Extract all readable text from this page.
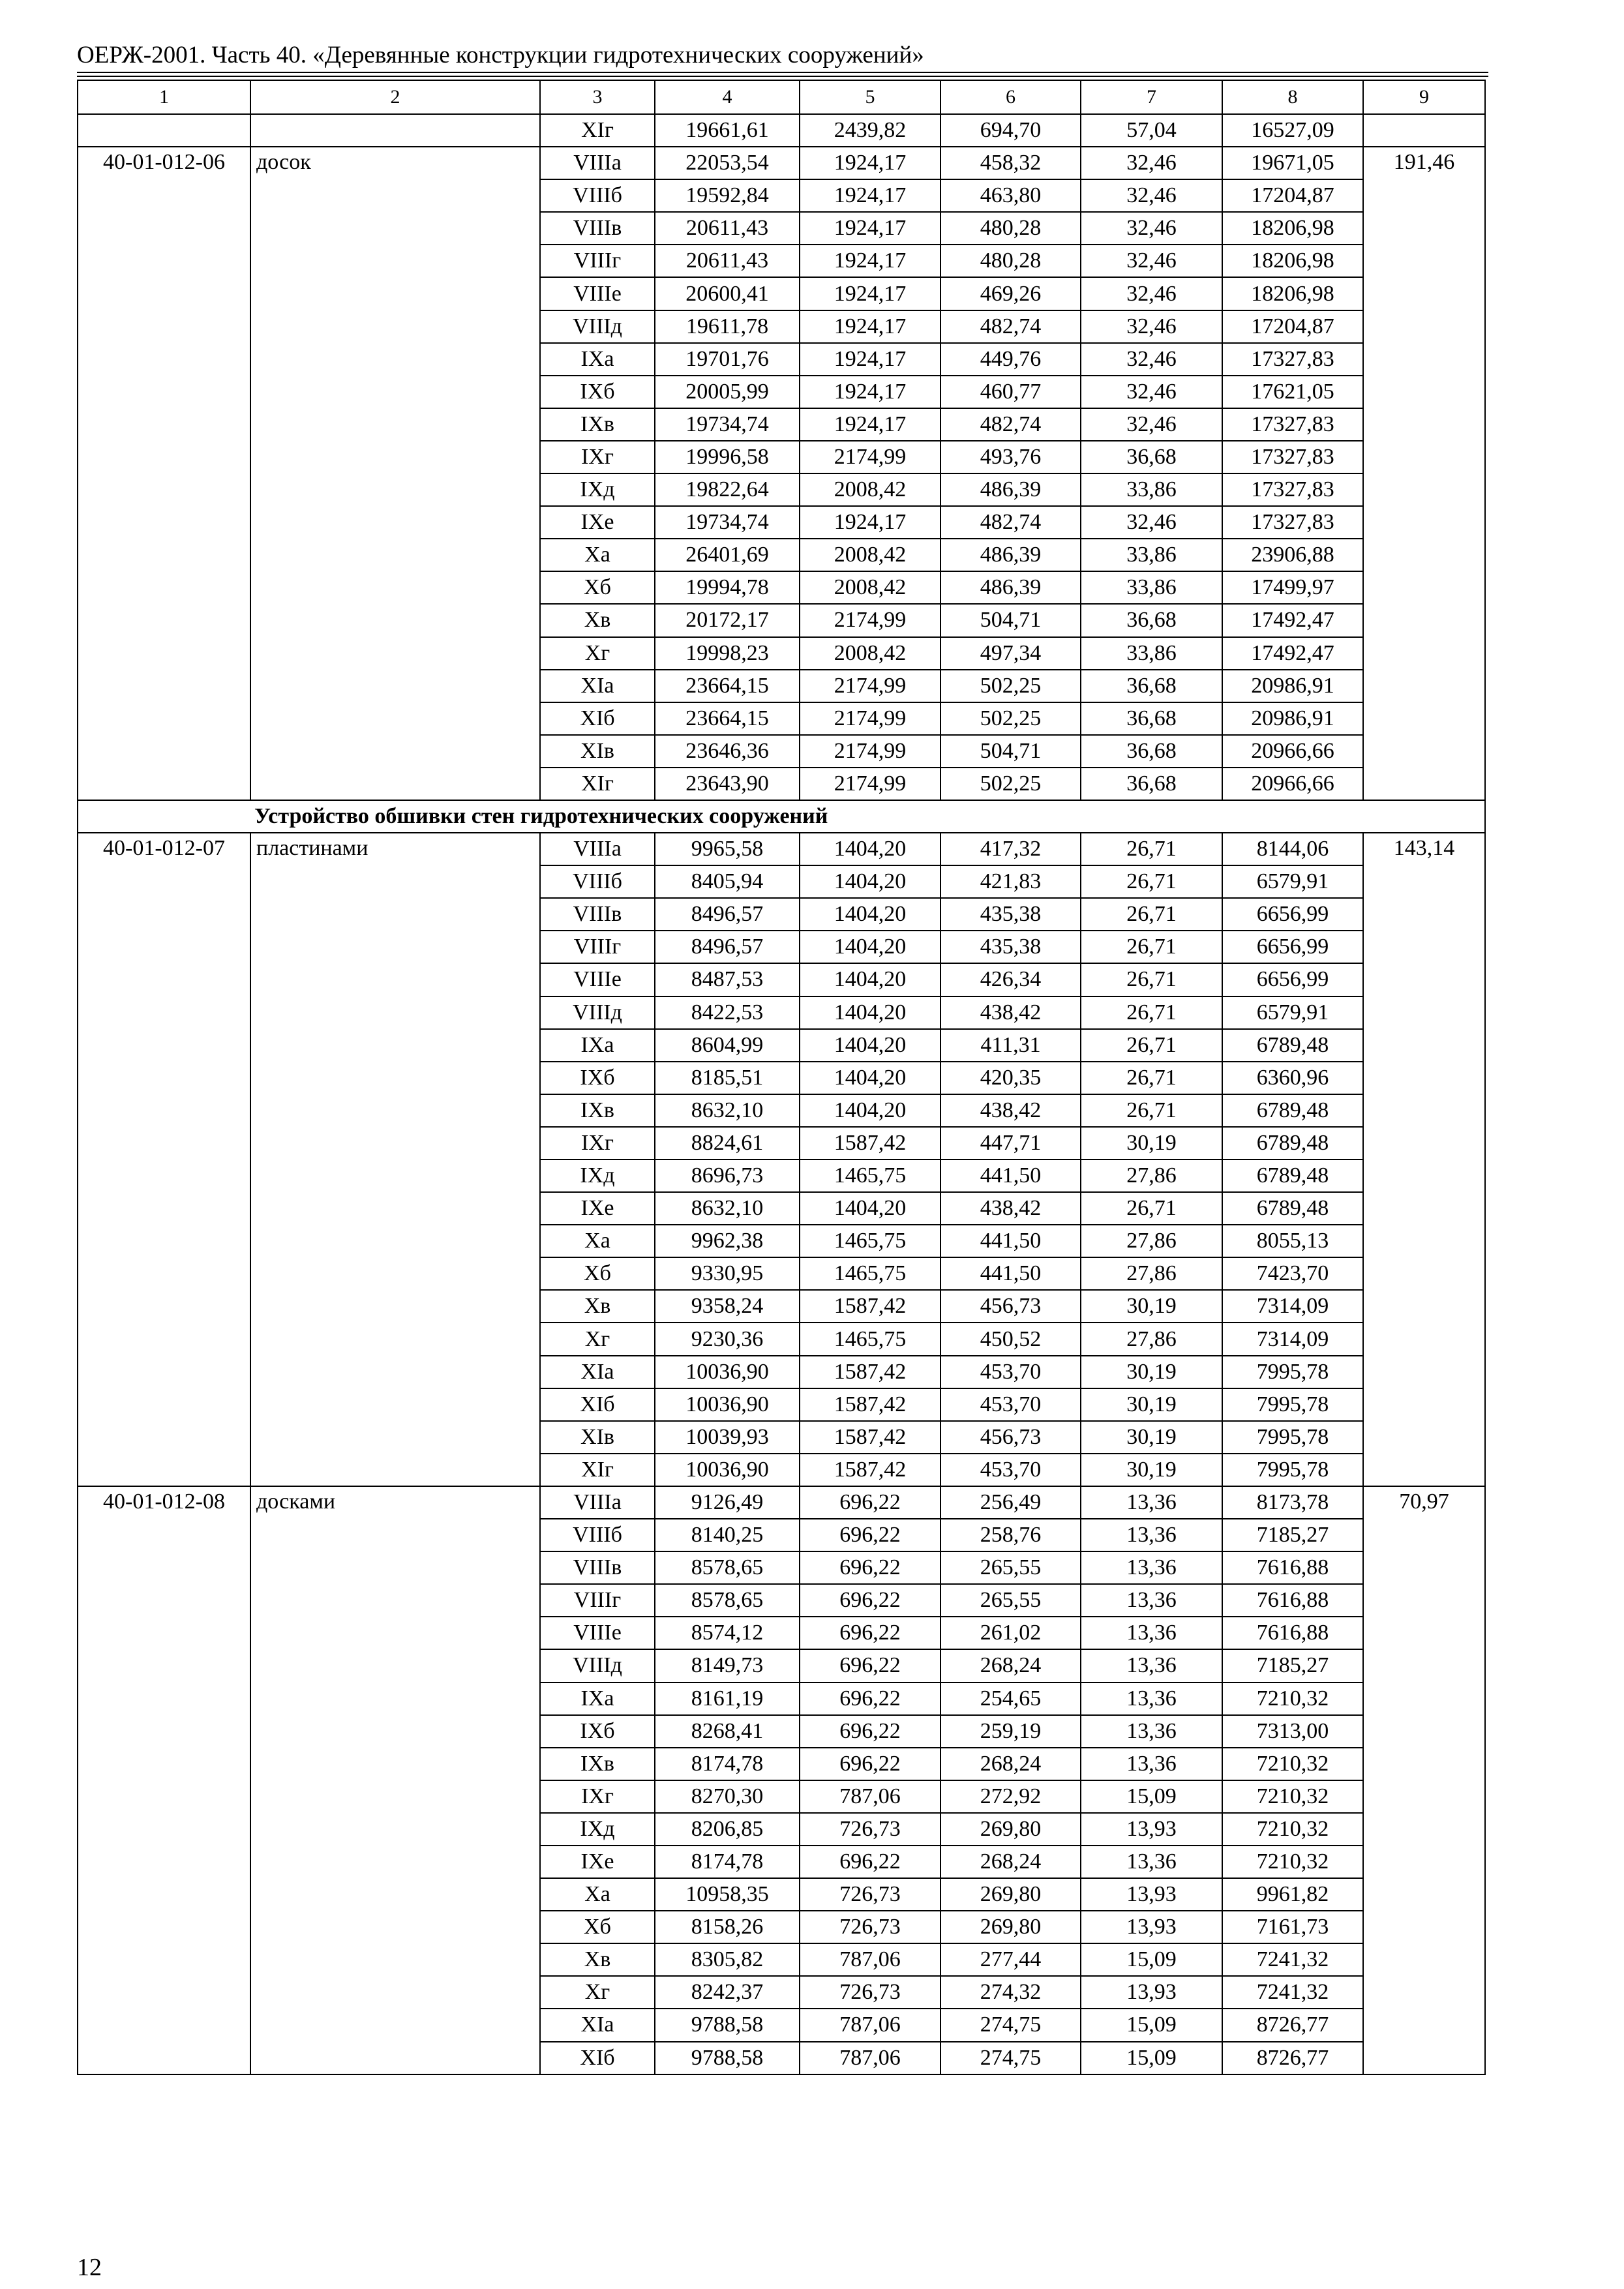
ОЕРЖ-2001. Часть 40. «Деревянные конструкции гидротехнических сооружений»
1	2	3	4	5	6	7	8	9
		XIг	19661,61	2439,82	694,70	57,04	16527,09	
40-01-012-06	досок	VIIIа	22053,54	1924,17	458,32	32,46	19671,05	191,46
		VIIIб	19592,84	1924,17	463,80	32,46	17204,87	
		VIIIв	20611,43	1924,17	480,28	32,46	18206,98	
		VIIIг	20611,43	1924,17	480,28	32,46	18206,98	
		VIIIе	20600,41	1924,17	469,26	32,46	18206,98	
		VIIIд	19611,78	1924,17	482,74	32,46	17204,87	
		IXа	19701,76	1924,17	449,76	32,46	17327,83	
		IXб	20005,99	1924,17	460,77	32,46	17621,05	
		IXв	19734,74	1924,17	482,74	32,46	17327,83	
		IXг	19996,58	2174,99	493,76	36,68	17327,83	
		IXд	19822,64	2008,42	486,39	33,86	17327,83	
		IXе	19734,74	1924,17	482,74	32,46	17327,83	
		Xа	26401,69	2008,42	486,39	33,86	23906,88	
		Xб	19994,78	2008,42	486,39	33,86	17499,97	
		Xв	20172,17	2174,99	504,71	36,68	17492,47	
		Xг	19998,23	2008,42	497,34	33,86	17492,47	
		XIа	23664,15	2174,99	502,25	36,68	20986,91	
		XIб	23664,15	2174,99	502,25	36,68	20986,91	
		XIв	23646,36	2174,99	504,71	36,68	20966,66	
		XIг	23643,90	2174,99	502,25	36,68	20966,66	
Устройство обшивки стен гидротехнических сооружений								
40-01-012-07	пластинами	VIIIа	9965,58	1404,20	417,32	26,71	8144,06	143,14
		VIIIб	8405,94	1404,20	421,83	26,71	6579,91	
		VIIIв	8496,57	1404,20	435,38	26,71	6656,99	
		VIIIг	8496,57	1404,20	435,38	26,71	6656,99	
		VIIIе	8487,53	1404,20	426,34	26,71	6656,99	
		VIIIд	8422,53	1404,20	438,42	26,71	6579,91	
		IXа	8604,99	1404,20	411,31	26,71	6789,48	
		IXб	8185,51	1404,20	420,35	26,71	6360,96	
		IXв	8632,10	1404,20	438,42	26,71	6789,48	
		IXг	8824,61	1587,42	447,71	30,19	6789,48	
		IXд	8696,73	1465,75	441,50	27,86	6789,48	
		IXе	8632,10	1404,20	438,42	26,71	6789,48	
		Xа	9962,38	1465,75	441,50	27,86	8055,13	
		Xб	9330,95	1465,75	441,50	27,86	7423,70	
		Xв	9358,24	1587,42	456,73	30,19	7314,09	
		Xг	9230,36	1465,75	450,52	27,86	7314,09	
		XIа	10036,90	1587,42	453,70	30,19	7995,78	
		XIб	10036,90	1587,42	453,70	30,19	7995,78	
		XIв	10039,93	1587,42	456,73	30,19	7995,78	
		XIг	10036,90	1587,42	453,70	30,19	7995,78	
40-01-012-08	досками	VIIIа	9126,49	696,22	256,49	13,36	8173,78	70,97
		VIIIб	8140,25	696,22	258,76	13,36	7185,27	
		VIIIв	8578,65	696,22	265,55	13,36	7616,88	
		VIIIг	8578,65	696,22	265,55	13,36	7616,88	
		VIIIе	8574,12	696,22	261,02	13,36	7616,88	
		VIIIд	8149,73	696,22	268,24	13,36	7185,27	
		IXа	8161,19	696,22	254,65	13,36	7210,32	
		IXб	8268,41	696,22	259,19	13,36	7313,00	
		IXв	8174,78	696,22	268,24	13,36	7210,32	
		IXг	8270,30	787,06	272,92	15,09	7210,32	
		IXд	8206,85	726,73	269,80	13,93	7210,32	
		IXе	8174,78	696,22	268,24	13,36	7210,32	
		Xа	10958,35	726,73	269,80	13,93	9961,82	
		Xб	8158,26	726,73	269,80	13,93	7161,73	
		Xв	8305,82	787,06	277,44	15,09	7241,32	
		Xг	8242,37	726,73	274,32	13,93	7241,32	
		XIа	9788,58	787,06	274,75	15,09	8726,77	
		XIб	9788,58	787,06	274,75	15,09	8726,77	
12
